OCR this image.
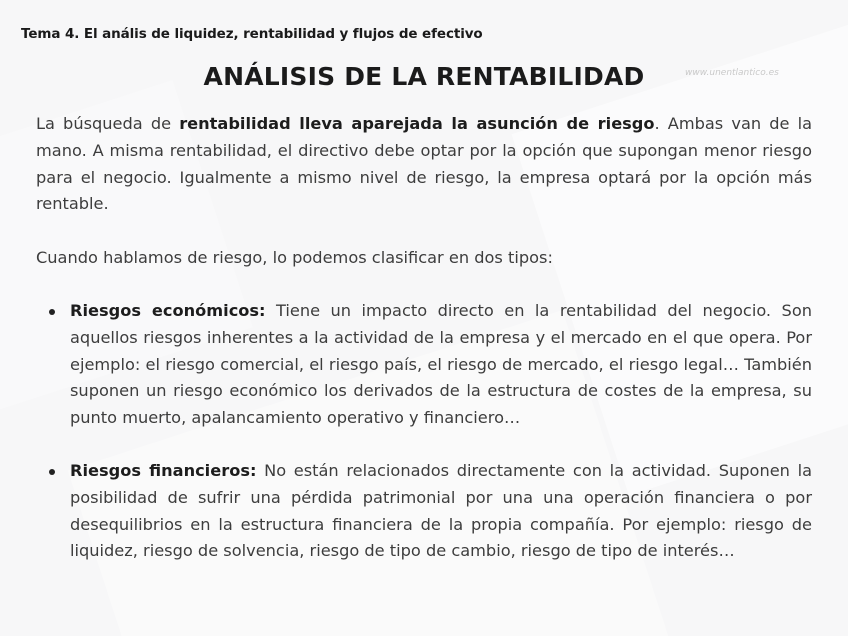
Tema 4. El anális de liquidez, rentabilidad y flujos de efectivo
ANÁLISIS DE LA RENTABILIDAD	www.unentlantico.es

La búsqueda de rentabilidad lleva aparejada la asunción de riesgo. Ambas van de la mano. A misma rentabilidad, el directivo debe optar por la opción que supongan menor riesgo para el negocio. Igualmente a mismo nivel de riesgo, la empresa optará por la opción más rentable.

Cuando hablamos de riesgo, lo podemos clasificar en dos tipos:

Riesgos económicos: Tiene un impacto directo en la rentabilidad del negocio. Son aquellos riesgos inherentes a la actividad de la empresa y el mercado en el que opera. Por ejemplo: el riesgo comercial, el riesgo país, el riesgo de mercado, el riesgo legal… También suponen un riesgo económico los derivados de la estructura de costes de la empresa, su punto muerto, apalancamiento operativo y financiero…
Riesgos financieros: No están relacionados directamente con la actividad. Suponen la posibilidad de sufrir una pérdida patrimonial por una una operación financiera o por desequilibrios en la estructura financiera de la propia compañía. Por ejemplo: riesgo de liquidez, riesgo de solvencia, riesgo de tipo de cambio, riesgo de tipo de interés…
